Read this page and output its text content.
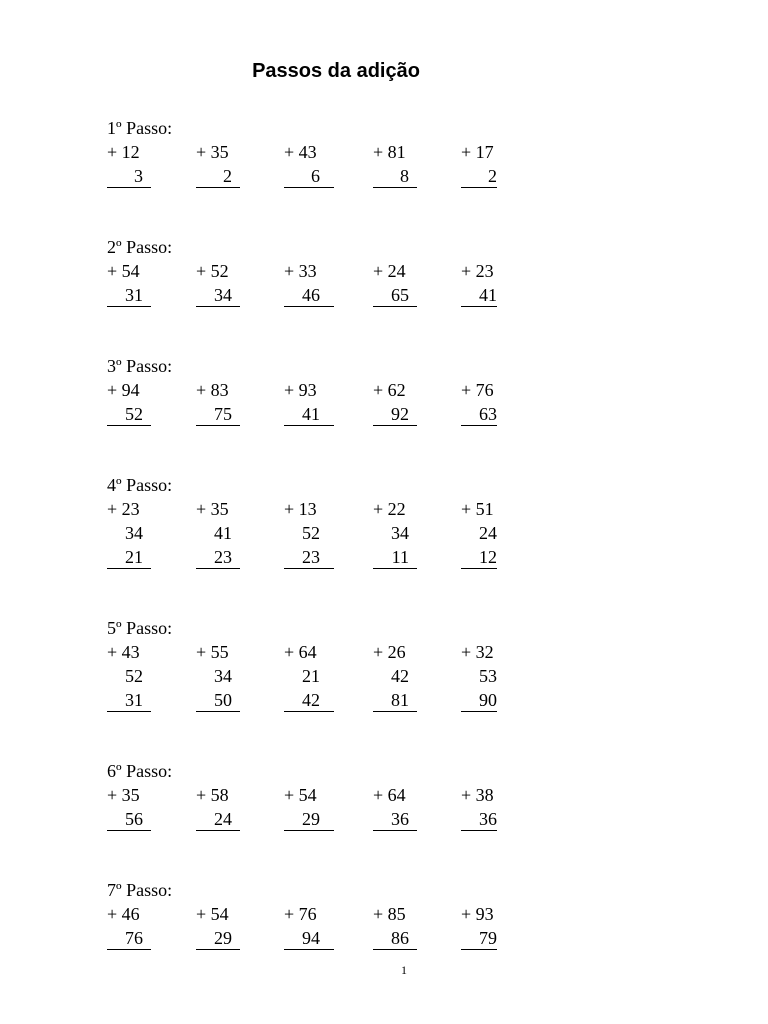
Passos da adição
1º Passo:
+ 12
3
+ 35
2
+ 43
6
+ 81
8
+ 17
2
2º Passo:
+ 54
31
+ 52
34
+ 33
46
+ 24
65
+ 23
41
3º Passo:
+ 94
52
+ 83
75
+ 93
41
+ 62
92
+ 76
63
4º Passo:
+ 23
34
21
+ 35
41
23
+ 13
52
23
+ 22
34
11
+ 51
24
12
5º Passo:
+ 43
52
31
+ 55
34
50
+ 64
21
42
+ 26
42
81
+ 32
53
90
6º Passo:
+ 35
56
+ 58
24
+ 54
29
+ 64
36
+ 38
36
7º Passo:
+ 46
76
+ 54
29
+ 76
94
+ 85
86
+ 93
79
1
